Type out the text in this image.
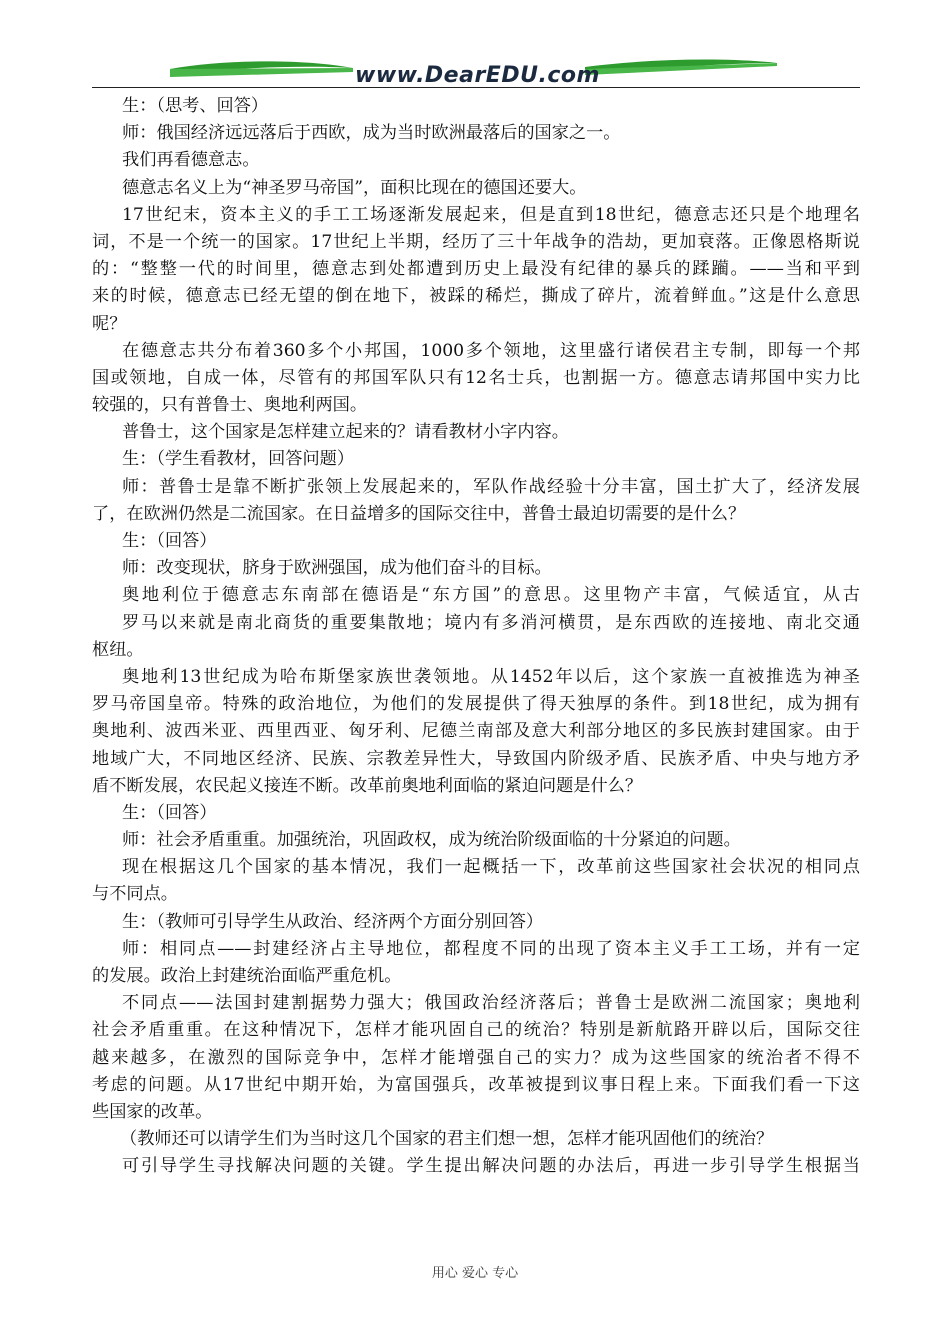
www.DearEDU.com
生：（思考、回答）
师：俄国经济远远落后于西欧，成为当时欧洲最落后的国家之一。
我们再看德意志。
德意志名义上为“神圣罗马帝国”，面积比现在的德国还要大。
17世纪末，资本主义的手工工场逐渐发展起来，但是直到18世纪，德意志还只是个地理名
词，不是一个统一的国家。17世纪上半期，经历了三十年战争的浩劫，更加衰落。正像恩格斯说
的：“整整一代的时间里，德意志到处都遭到历史上最没有纪律的暴兵的蹂躏。——当和平到
来的时候，德意志已经无望的倒在地下，被踩的稀烂，撕成了碎片，流着鲜血。”这是什么意思
呢？
在德意志共分布着360多个小邦国，1000多个领地，这里盛行诸侯君主专制，即每一个邦
国或领地，自成一体，尽管有的邦国军队只有12名士兵，也割据一方。德意志请邦国中实力比
较强的，只有普鲁士、奥地利两国。
普鲁士，这个国家是怎样建立起来的？请看教材小字内容。
生：（学生看教材，回答问题）
师：普鲁士是靠不断扩张领上发展起来的，军队作战经验十分丰富，国土扩大了，经济发展
了，在欧洲仍然是二流国家。在日益增多的国际交往中，普鲁士最迫切需要的是什么？
生：（回答）
师：改变现状，脐身于欧洲强国，成为他们奋斗的目标。
奥地利位于德意志东南部在德语是“东方国”的意思。这里物产丰富，气候适宜，从古
罗马以来就是南北商货的重要集散地；境内有多消河横贯，是东西欧的连接地、南北交通
枢纽。
奥地利13世纪成为哈布斯堡家族世袭领地。从1452年以后，这个家族一直被推选为神圣
罗马帝国皇帝。特殊的政治地位，为他们的发展提供了得天独厚的条件。到18世纪，成为拥有
奥地利、波西米亚、西里西亚、匈牙利、尼德兰南部及意大利部分地区的多民族封建国家。由于
地域广大，不同地区经济、民族、宗教差异性大，导致国内阶级矛盾、民族矛盾、中央与地方矛
盾不断发展，农民起义接连不断。改革前奥地利面临的紧迫问题是什么？
生：（回答）
师：社会矛盾重重。加强统治，巩固政权，成为统治阶级面临的十分紧迫的问题。
现在根据这几个国家的基本情况，我们一起概括一下，改革前这些国家社会状况的相同点
与不同点。
生：（教师可引导学生从政治、经济两个方面分别回答）
师：相同点——封建经济占主导地位，都程度不同的出现了资本主义手工工场，并有一定
的发展。政治上封建统治面临严重危机。
不同点——法国封建割据势力强大；俄国政治经济落后；普鲁士是欧洲二流国家；奥地利
社会矛盾重重。在这种情况下，怎样才能巩固自己的统治？特别是新航路开辟以后，国际交往
越来越多，在激烈的国际竞争中，怎样才能增强自己的实力？成为这些国家的统治者不得不
考虑的问题。从17世纪中期开始，为富国强兵，改革被提到议事日程上来。下面我们看一下这
些国家的改革。
（教师还可以请学生们为当时这几个国家的君主们想一想，怎样才能巩固他们的统治？
可引导学生寻找解决问题的关键。学生提出解决问题的办法后，再进一步引导学生根据当
用心 爱心 专心
